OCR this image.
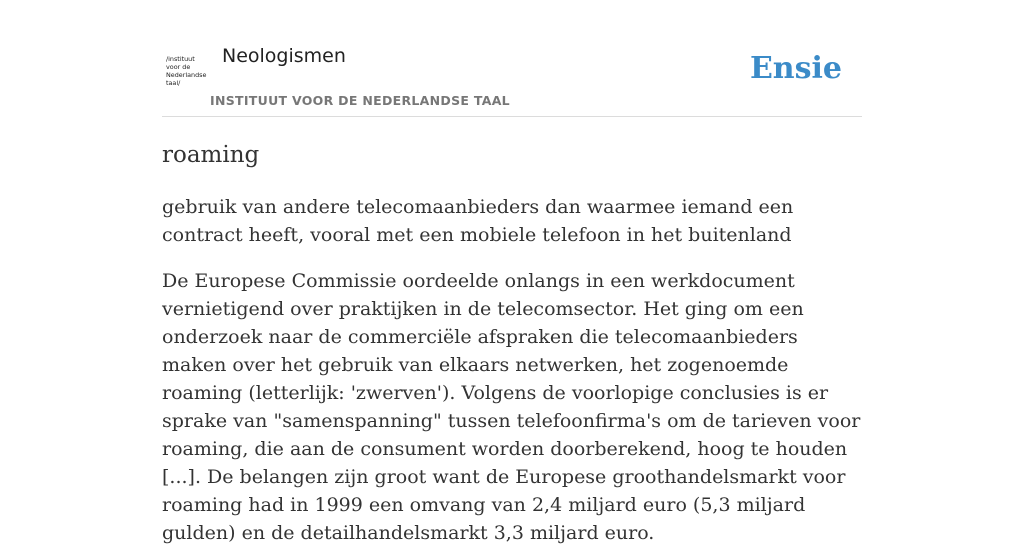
/instituut
voor de
Nederlandse
taal/
Neologismen
INSTITUUT VOOR DE NEDERLANDSE TAAL
Ensie
roaming

gebruik van andere telecomaanbieders dan waarmee iemand een contract heeft, vooral met een mobiele telefoon in het buitenland

De Europese Commissie oordeelde onlangs in een werkdocument vernietigend over praktijken in de telecomsector. Het ging om een onderzoek naar de commerciële afspraken die telecomaanbieders maken over het gebruik van elkaars netwerken, het zogenoemde roaming (letterlijk: 'zwerven'). Volgens de voorlopige conclusies is er sprake van "samenspanning" tussen telefoonfirma's om de tarieven voor roaming, die aan de consument worden doorberekend, hoog te houden [...]. De belangen zijn groot want de Europese groothandelsmarkt voor roaming had in 1999 een omvang van 2,4 miljard euro (5,3 miljard gulden) en de detailhandelsmarkt 3,3 miljard euro.
